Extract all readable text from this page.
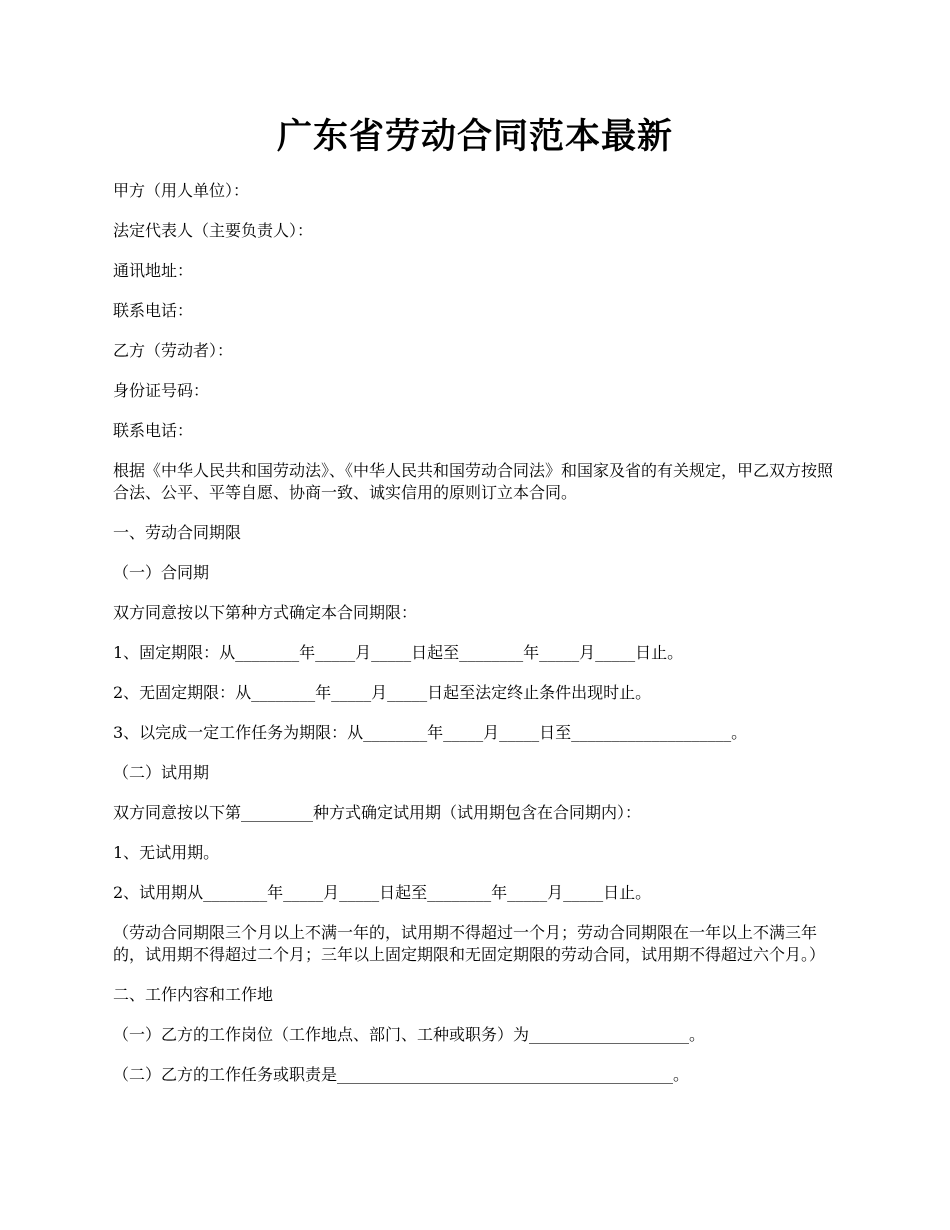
广东省劳动合同范本最新

甲方（用人单位）：

法定代表人（主要负责人）：

通讯地址：

联系电话：

乙方（劳动者）：

身份证号码：

联系电话：

根据《中华人民共和国劳动法》、《中华人民共和国劳动合同法》和国家及省的有关规定，甲乙双方按照合法、公平、平等自愿、协商一致、诚实信用的原则订立本合同。

一、劳动合同期限

（一）合同期

双方同意按以下第种方式确定本合同期限：

1、固定期限：从________年_____月_____日起至________年_____月_____日止。

2、无固定期限：从________年_____月_____日起至法定终止条件出现时止。

3、以完成一定工作任务为期限：从________年_____月_____日至____________________。

（二）试用期

双方同意按以下第_________种方式确定试用期（试用期包含在合同期内）：

1、无试用期。

2、试用期从________年_____月_____日起至________年_____月_____日止。

（劳动合同期限三个月以上不满一年的，试用期不得超过一个月；劳动合同期限在一年以上不满三年的，试用期不得超过二个月；三年以上固定期限和无固定期限的劳动合同，试用期不得超过六个月。）

二、工作内容和工作地

（一）乙方的工作岗位（工作地点、部门、工种或职务）为____________________。

（二）乙方的工作任务或职责是__________________________________________。
